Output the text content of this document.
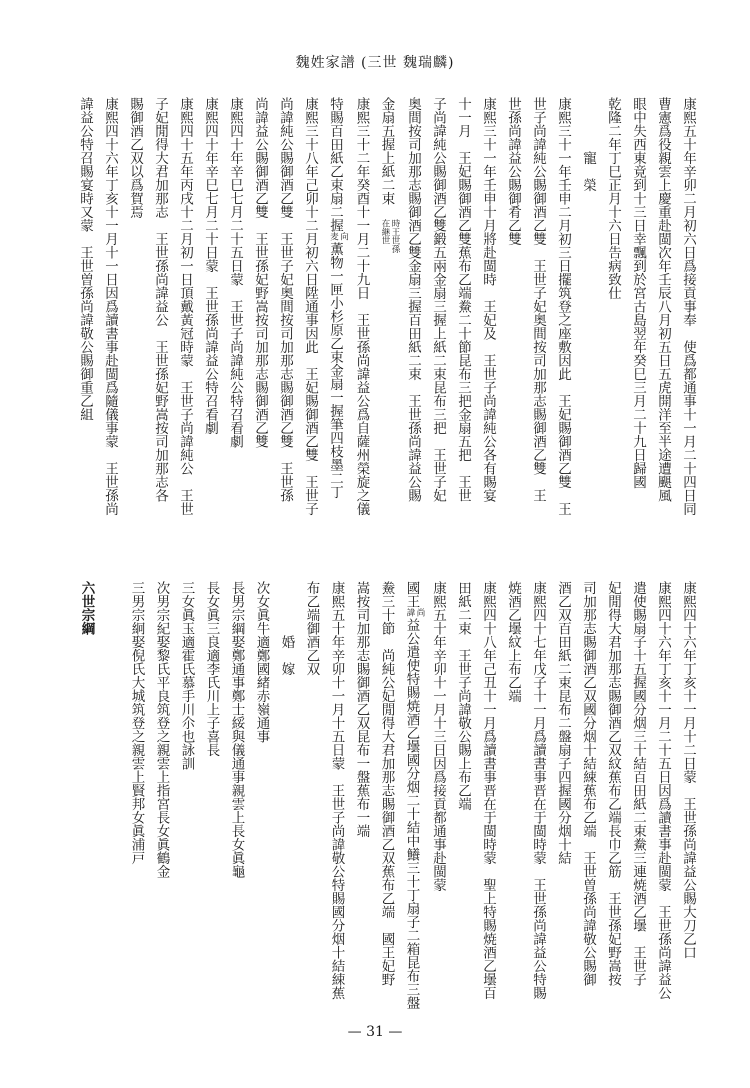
魏姓家譜 (三世 魏瑞麟)
康熙五十年辛卯二月初六日爲接貢事奉　使爲都通事十一月二十四日同
曹憲爲役親雲上慶重赴閩次年壬辰八月初五日五虎開洋至半途遭颶風
眼中失西東竟到十三日幸飄到於宮古島翌年癸巳三月二十九日歸國
乾隆二年丁巳正月十六日告病致仕
寵　榮
康熙三十一年壬申二月初三日擺筑登之座敷因此　王妃賜御酒乙雙　王
世子尚諱純公賜御酒乙雙　王世子妃奥間按司加那志賜御酒乙雙　王
世孫尚諱益公賜御肴乙雙
康熙三十一年壬申十月將赴閩時　王妃及　王世子尚諱純公各有賜宴
十一月　王妃賜御酒乙雙蕉布乙端鮝二十節昆布三把金扇五把　王世
子尚諱純公賜御酒乙雙鍛五兩金扇三握上紙二束昆布三把　王世子妃
奥間按司加那志賜御酒乙雙金扇三握百田紙二束　王世孫尚諱益公賜
金扇五握上紙二束　時王世孫在継世
康熙三十二年癸酉十一月二十九日　王世孫尚諱益公爲自薩州榮旋之儀
特賜百田紙乙束扇二握向麦薫物一匣小杉原乙束金扇一握筆四枝墨二丁
康熙三十八年己卯十二月初六日陞通事因此　王妃賜御酒乙雙　王世子
尚諱純公賜御酒乙雙　王世子妃奥間按司加那志賜御酒乙雙　王世孫
尚諱益公賜御酒乙雙　王世孫妃野嵩按司加那志賜御酒乙雙
康熙四十年辛巳七月二十五日蒙　王世子尚諱純公特召看劇
康熙四十年辛巳七月二十日蒙　王世孫尚諱益公特召看劇
康熙四十五年丙戌十二月初一日頂戴黃冠時蒙　王世子尚諱純公　王世
子妃閒得大君加那志　王世孫尚諱益公　王世孫妃野嵩按司加那志各
賜御酒乙双以爲賀焉
康熙四十六年丁亥十一月十一日因爲讀書事赴閩爲隨儀事蒙　王世孫尚
諱益公特召賜宴時又蒙　王世曽孫尚諱敬公賜御重乙組
康熙四十六年丁亥十一月十二日蒙　王世孫尚諱益公賜大刀乙口
康熙四十六年丁亥十一月二十五日因爲讀書事赴閩蒙　王世孫尚諱益公
遣使賜扇子十五握國分烟三十結百田紙二束鮝三連焼酒乙壜　王世子
妃閒得大君加那志賜御酒乙双紋蕉布乙端長巾乙筋　王世孫妃野嵩按
司加那志賜御酒乙双國分烟十結綀蕉布乙端　王世曽孫尚諱敬公賜御
酒乙双百田紙二束昆布二盤扇子四握國分烟十結
康熙四十七年戊子十一月爲讀書事晋在于閩時蒙　王世孫尚諱益公特賜
焼酒乙壜紋上布乙端
康熙四十八年己丑十一月爲讀書事晋在于閩時蒙　聖上特賜焼酒乙壜百
田紙二束　王世子尚諱敬公賜上布乙端
康熙五十年辛卯十一月十三日因爲接貢都通事赴閩蒙
國王尚諱益公遣使特賜焼酒乙壜國分烟二十結中鱶三十丁扇子二箱昆布三盤
鮝三十節　尚純公妃閒得大君加那志賜御酒乙双蕉布乙端　國王妃野
嵩按司加那志賜御酒乙双昆布一盤蕉布一端
康熙五十年辛卯十一月十五日蒙　王世子尚諱敬公特賜國分烟十結綀蕉
布乙端御酒乙双
婚　嫁
次女眞牛適鄭國緒赤嶺通事
長男宗綱娶鄭通事鄭士綏與儀通事親雲上長女眞龜
長女眞三良適李氏川上子喜長
三女眞玉適霍氏慕手川尒也詠訓
次男宗紀娶黎氏平良筑登之親雲上指宮長女眞鶴金
三男宗絅娶倪氏大城筑登之親雲上賢邦女眞浦戸
六世宗綱
— 31 —
